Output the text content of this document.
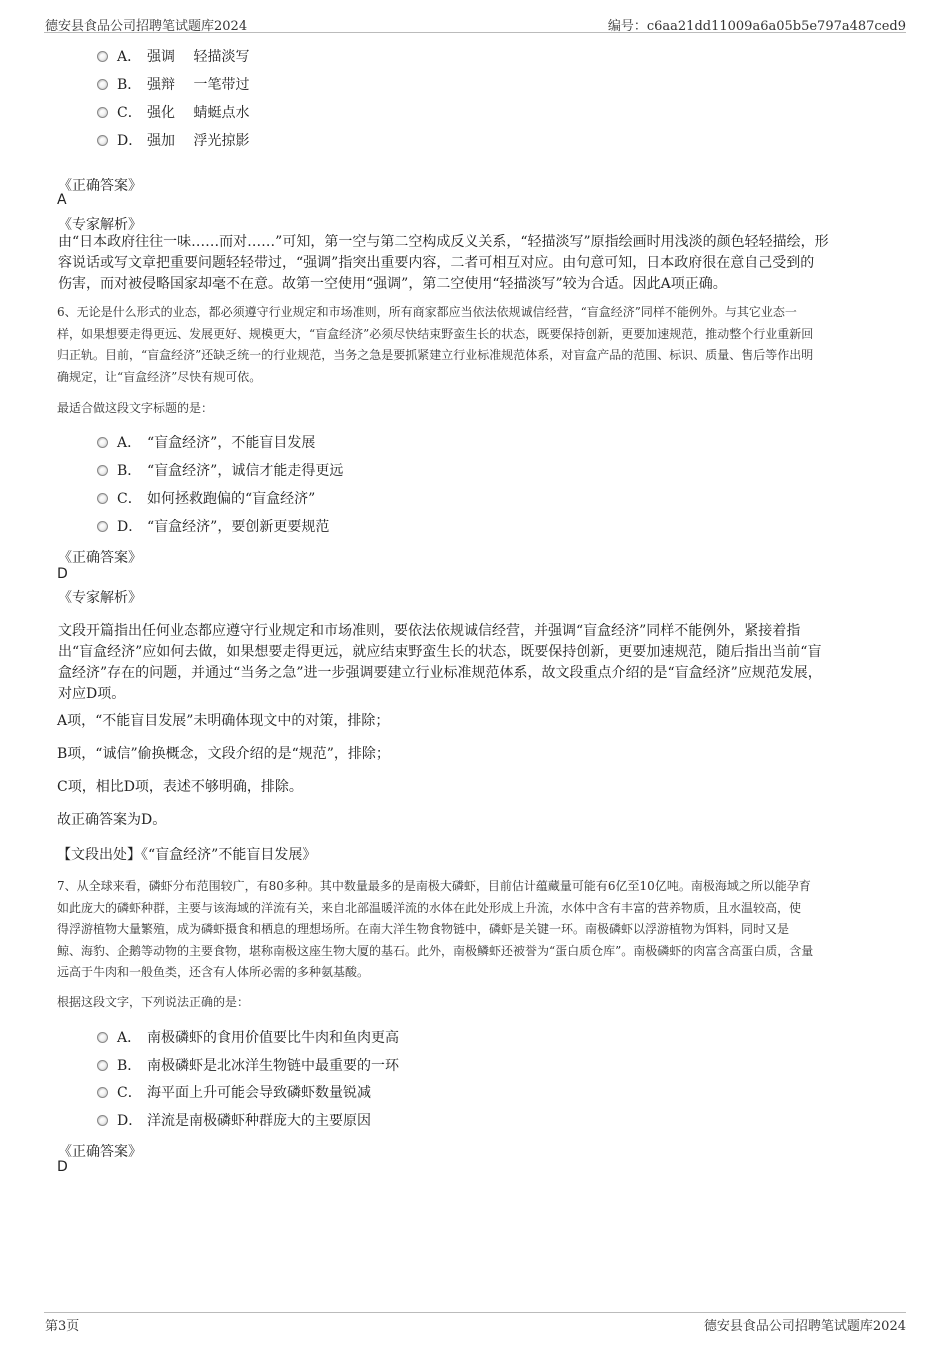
德安县食品公司招聘笔试题库2024	编号：c6aa21dd11009a6a05b5e797a487ced9
A． 强调　 轻描淡写
B． 强辩　 一笔带过
C． 强化　 蜻蜓点水
D． 强加　 浮光掠影
《正确答案》
A
《专家解析》
由“日本政府往往一味……而对……”可知，第一空与第二空构成反义关系，“轻描淡写”原指绘画时用浅淡的颜色轻轻描绘，形
容说话或写文章把重要问题轻轻带过，“强调”指突出重要内容，二者可相互对应。由句意可知，日本政府很在意自己受到的
伤害，而对被侵略国家却毫不在意。故第一空使用“强调”，第二空使用“轻描淡写”较为合适。因此A项正确。
6、无论是什么形式的业态，都必须遵守行业规定和市场准则，所有商家都应当依法依规诚信经营，“盲盒经济”同样不能例外。与其它业态一
样，如果想要走得更远、发展更好、规模更大，“盲盒经济”必须尽快结束野蛮生长的状态，既要保持创新，更要加速规范，推动整个行业重新回
归正轨。目前，“盲盒经济”还缺乏统一的行业规范，当务之急是要抓紧建立行业标准规范体系，对盲盒产品的范围、标识、质量、售后等作出明
确规定，让“盲盒经济”尽快有规可依。
最适合做这段文字标题的是：
A． “盲盒经济”，不能盲目发展
B． “盲盒经济”，诚信才能走得更远
C． 如何拯救跑偏的“盲盒经济”
D． “盲盒经济”，要创新更要规范
《正确答案》
D
《专家解析》
文段开篇指出任何业态都应遵守行业规定和市场准则，要依法依规诚信经营，并强调“盲盒经济”同样不能例外，紧接着指
出“盲盒经济”应如何去做，如果想要走得更远，就应结束野蛮生长的状态，既要保持创新，更要加速规范，随后指出当前“盲
盒经济”存在的问题，并通过“当务之急”进一步强调要建立行业标准规范体系，故文段重点介绍的是“盲盒经济”应规范发展，
对应D项。
A项，“不能盲目发展”未明确体现文中的对策，排除；
B项，“诚信”偷换概念，文段介绍的是“规范”，排除；
C项，相比D项，表述不够明确，排除。
故正确答案为D。
【文段出处】《“盲盒经济”不能盲目发展》
7、从全球来看，磷虾分布范围较广，有80多种。其中数量最多的是南极大磷虾，目前估计蕴藏量可能有6亿至10亿吨。南极海域之所以能孕育
如此庞大的磷虾种群，主要与该海域的洋流有关，来自北部温暖洋流的水体在此处形成上升流，水体中含有丰富的营养物质，且水温较高，使
得浮游植物大量繁殖，成为磷虾摄食和栖息的理想场所。在南大洋生物食物链中，磷虾是关键一环。南极磷虾以浮游植物为饵料，同时又是
鲸、海豹、企鹅等动物的主要食物，堪称南极这座生物大厦的基石。此外，南极鳞虾还被誉为“蛋白质仓库”。南极磷虾的肉富含高蛋白质，含量
远高于牛肉和一般鱼类，还含有人体所必需的多种氨基酸。
根据这段文字，下列说法正确的是：
A． 南极磷虾的食用价值要比牛肉和鱼肉更高
B． 南极磷虾是北冰洋生物链中最重要的一环
C． 海平面上升可能会导致磷虾数量锐减
D． 洋流是南极磷虾种群庞大的主要原因
《正确答案》
D
第3页	德安县食品公司招聘笔试题库2024
